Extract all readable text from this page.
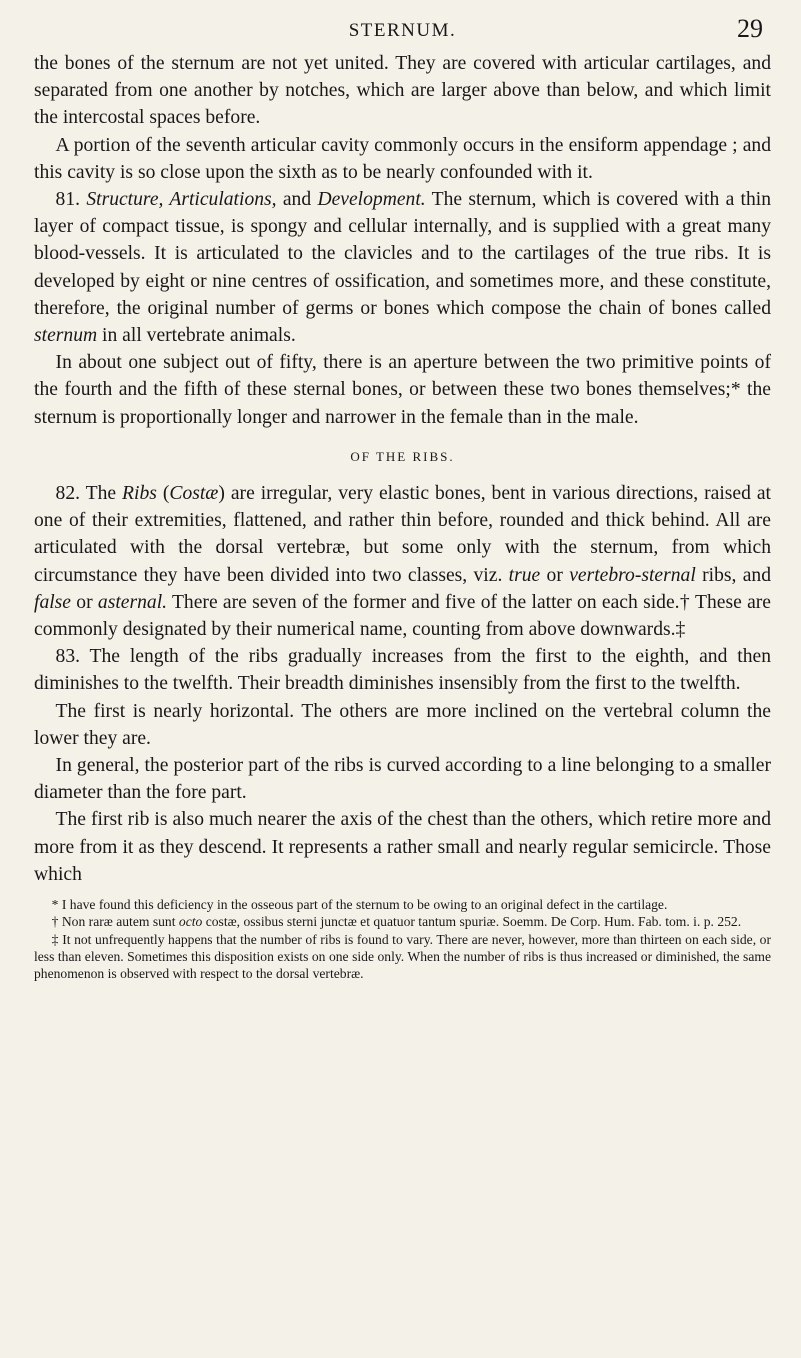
STERNUM.	29

the bones of the sternum are not yet united. They are covered with articular cartilages, and separated from one another by notches, which are larger above than below, and which limit the intercostal spaces before.

A portion of the seventh articular cavity commonly occurs in the ensiform appendage ; and this cavity is so close upon the sixth as to be nearly confounded with it.

81. Structure, Articulations, and Development. The sternum, which is covered with a thin layer of compact tissue, is spongy and cellular internally, and is supplied with a great many blood-vessels. It is articulated to the clavicles and to the cartilages of the true ribs. It is developed by eight or nine centres of ossification, and sometimes more, and these constitute, therefore, the original number of germs or bones which compose the chain of bones called sternum in all vertebrate animals.

In about one subject out of fifty, there is an aperture between the two primitive points of the fourth and the fifth of these sternal bones, or between these two bones themselves;* the sternum is proportionally longer and narrower in the female than in the male.

OF THE RIBS.

82. The Ribs (Costæ) are irregular, very elastic bones, bent in various directions, raised at one of their extremities, flattened, and rather thin before, rounded and thick behind. All are articulated with the dorsal vertebræ, but some only with the sternum, from which circumstance they have been divided into two classes, viz. true or vertebro-sternal ribs, and false or asternal. There are seven of the former and five of the latter on each side.† These are commonly designated by their numerical name, counting from above downwards.‡

83. The length of the ribs gradually increases from the first to the eighth, and then diminishes to the twelfth. Their breadth diminishes insensibly from the first to the twelfth.

The first is nearly horizontal. The others are more inclined on the vertebral column the lower they are.

In general, the posterior part of the ribs is curved according to a line belonging to a smaller diameter than the fore part.

The first rib is also much nearer the axis of the chest than the others, which retire more and more from it as they descend. It represents a rather small and nearly regular semicircle. Those which

* I have found this deficiency in the osseous part of the sternum to be owing to an original defect in the cartilage.

† Non raræ autem sunt octo costæ, ossibus sterni junctæ et quatuor tantum spuriæ. Soemm. De Corp. Hum. Fab. tom. i. p. 252.

‡ It not unfrequently happens that the number of ribs is found to vary. There are never, however, more than thirteen on each side, or less than eleven. Sometimes this disposition exists on one side only. When the number of ribs is thus increased or diminished, the same phenomenon is observed with respect to the dorsal vertebræ.
